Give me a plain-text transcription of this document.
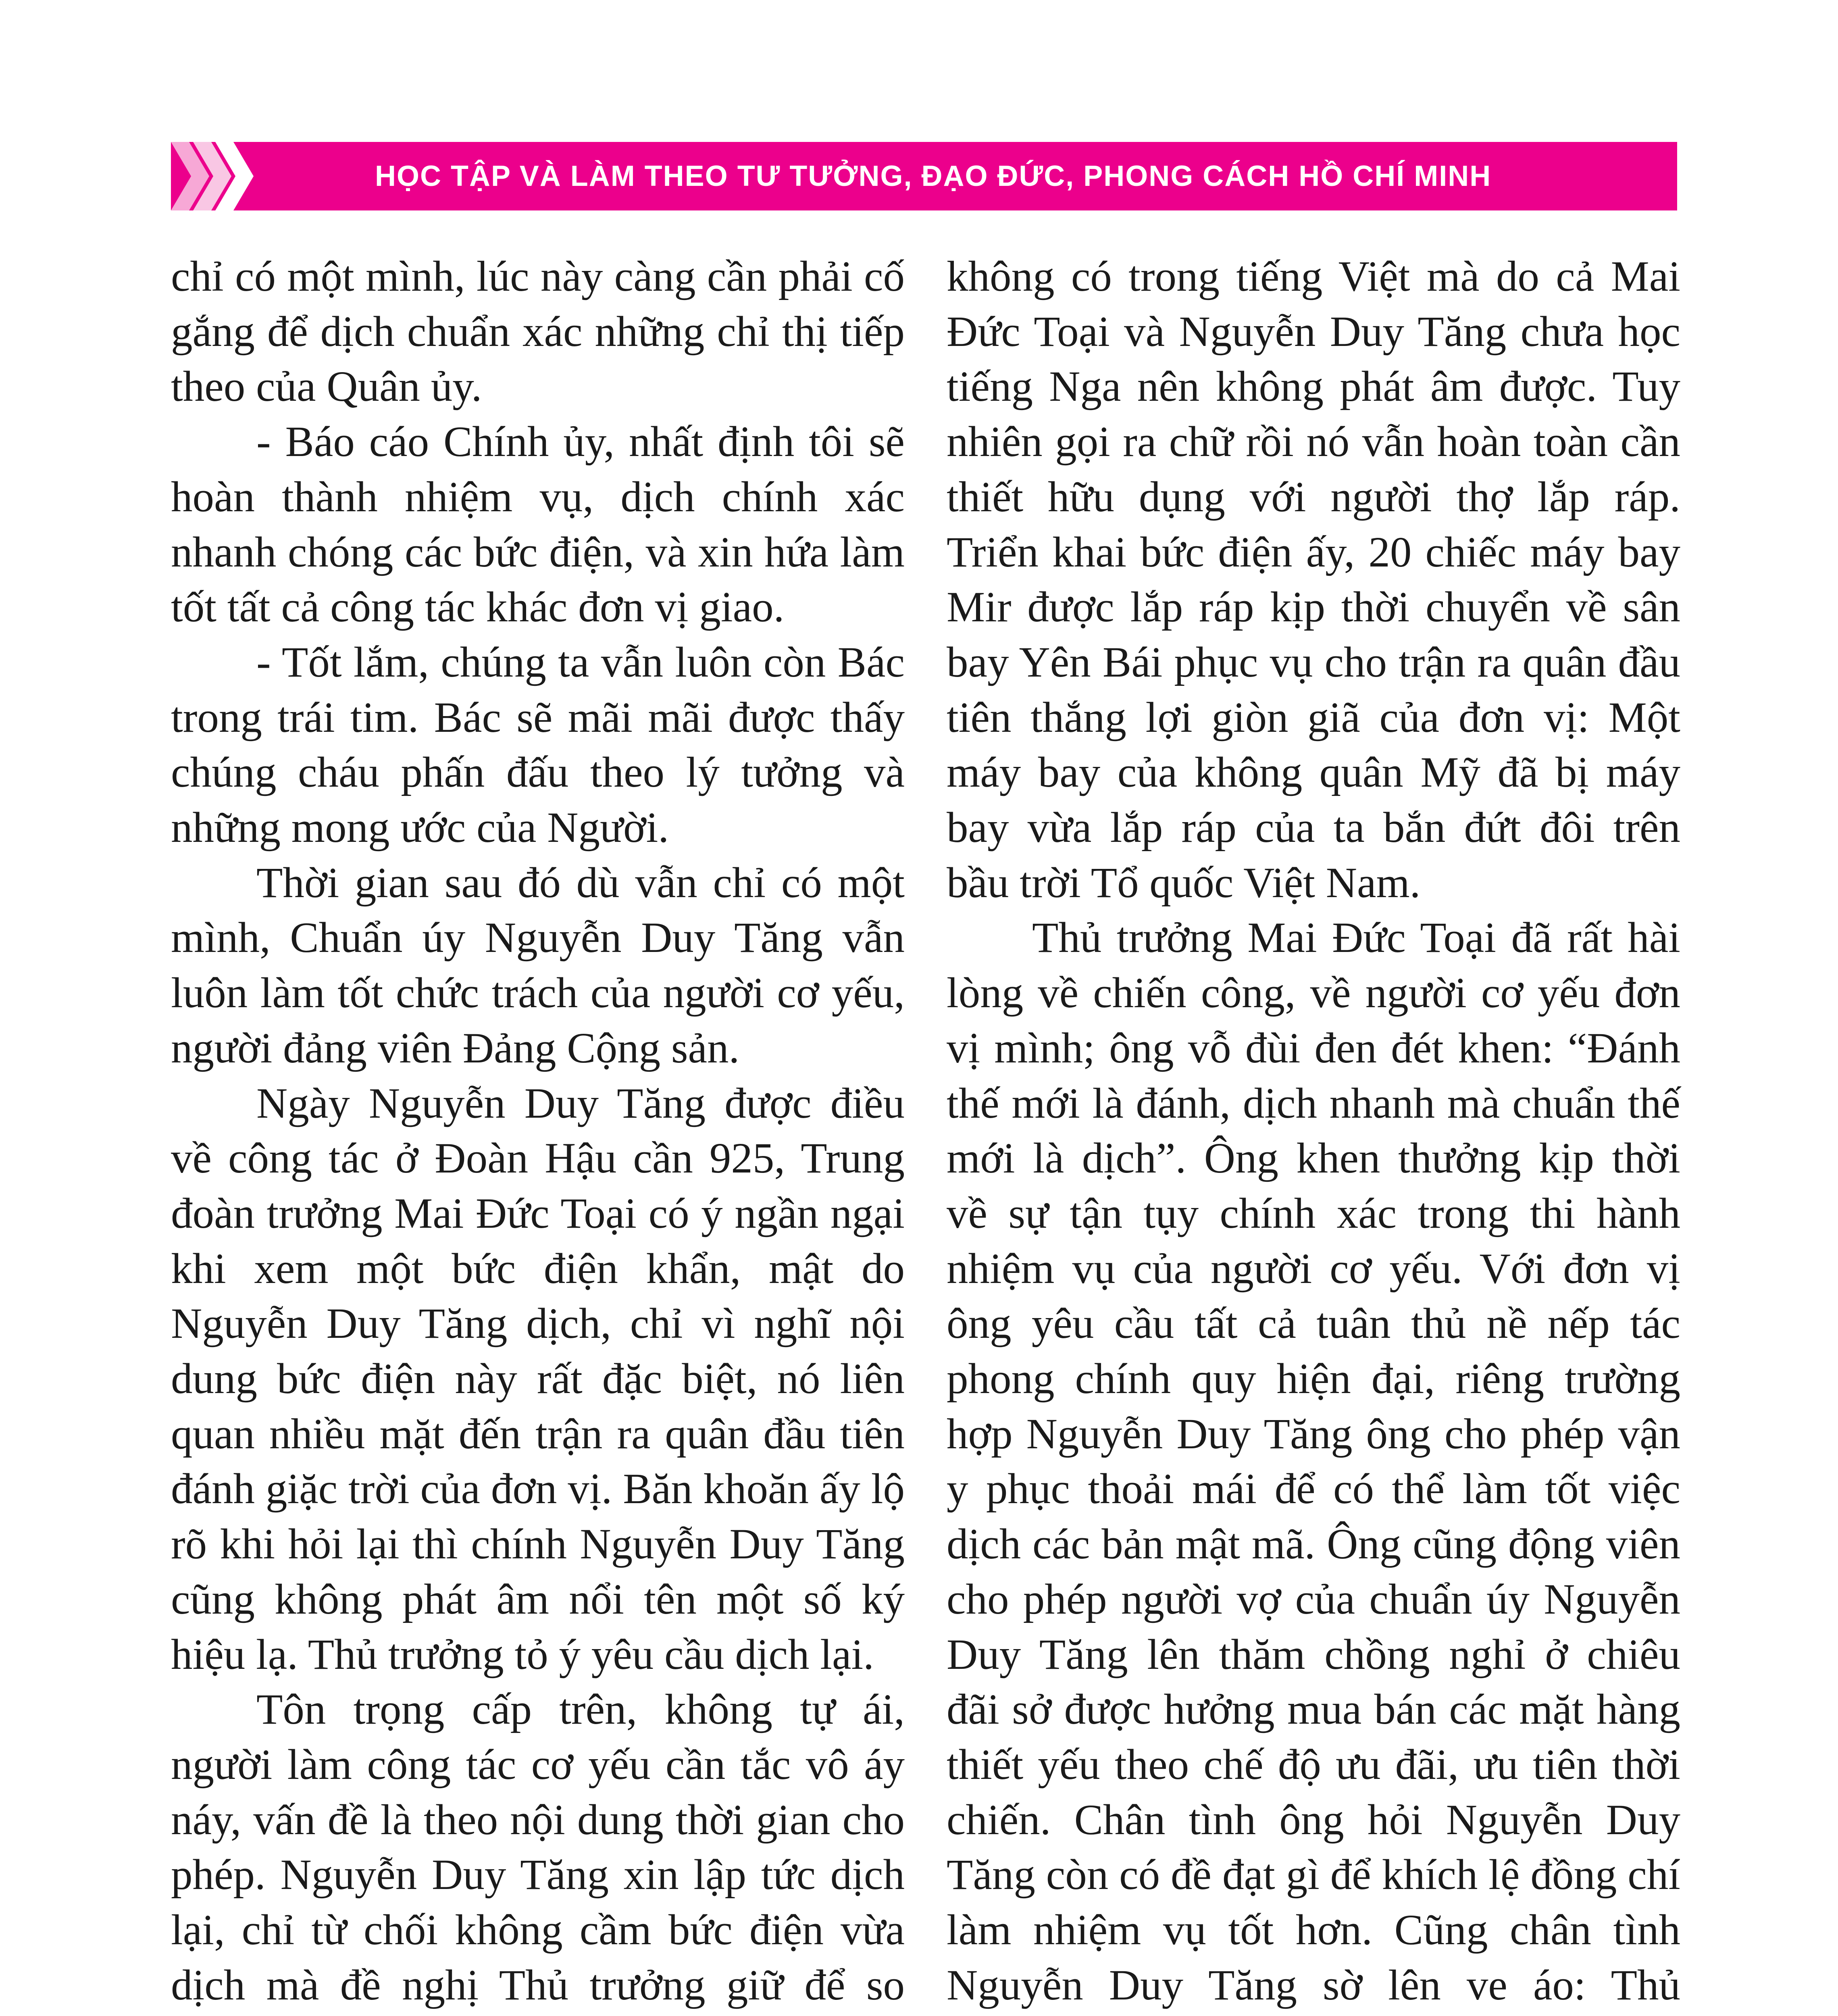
HỌC TẬP VÀ LÀM THEO TƯ TƯỞNG, ĐẠO ĐỨC, PHONG CÁCH HỒ CHÍ MINH

chỉ có một mình, lúc này càng cần phải cố gắng để dịch chuẩn xác những chỉ thị tiếp theo của Quân ủy.

- Báo cáo Chính ủy, nhất định tôi sẽ hoàn thành nhiệm vụ, dịch chính xác nhanh chóng các bức điện, và xin hứa làm tốt tất cả công tác khác đơn vị giao.

- Tốt lắm, chúng ta vẫn luôn còn Bác trong trái tim. Bác sẽ mãi mãi được thấy chúng cháu phấn đấu theo lý tưởng và những mong ước của Người.

Thời gian sau đó dù vẫn chỉ có một mình, Chuẩn úy Nguyễn Duy Tăng vẫn luôn làm tốt chức trách của người cơ yếu, người đảng viên Đảng Cộng sản.

Ngày Nguyễn Duy Tăng được điều về công tác ở Đoàn Hậu cần 925, Trung đoàn trưởng Mai Đức Toại có ý ngần ngại khi xem một bức điện khẩn, mật do Nguyễn Duy Tăng dịch, chỉ vì nghĩ nội dung bức điện này rất đặc biệt, nó liên quan nhiều mặt đến trận ra quân đầu tiên đánh giặc trời của đơn vị. Băn khoăn ấy lộ rõ khi hỏi lại thì chính Nguyễn Duy Tăng cũng không phát âm nổi tên một số ký hiệu lạ. Thủ trưởng tỏ ý yêu cầu dịch lại.

Tôn trọng cấp trên, không tự ái, người làm công tác cơ yếu cần tắc vô áy náy, vấn đề là theo nội dung thời gian cho phép. Nguyễn Duy Tăng xin lập tức dịch lại, chỉ từ chối không cầm bức điện vừa dịch mà đề nghị Thủ trưởng giữ để so

không có trong tiếng Việt mà do cả Mai Đức Toại và Nguyễn Duy Tăng chưa học tiếng Nga nên không phát âm được. Tuy nhiên gọi ra chữ rồi nó vẫn hoàn toàn cần thiết hữu dụng với người thợ lắp ráp. Triển khai bức điện ấy, 20 chiếc máy bay Mir được lắp ráp kịp thời chuyển về sân bay Yên Bái phục vụ cho trận ra quân đầu tiên thắng lợi giòn giã của đơn vị: Một máy bay của không quân Mỹ đã bị máy bay vừa lắp ráp của ta bắn đứt đôi trên bầu trời Tổ quốc Việt Nam.

Thủ trưởng Mai Đức Toại đã rất hài lòng về chiến công, về người cơ yếu đơn vị mình; ông vỗ đùi đen đét khen: “Đánh thế mới là đánh, dịch nhanh mà chuẩn thế mới là dịch”. Ông khen thưởng kịp thời về sự tận tụy chính xác trong thi hành nhiệm vụ của người cơ yếu. Với đơn vị ông yêu cầu tất cả tuân thủ nề nếp tác phong chính quy hiện đại, riêng trường hợp Nguyễn Duy Tăng ông cho phép vận y phục thoải mái để có thể làm tốt việc dịch các bản mật mã. Ông cũng động viên cho phép người vợ của chuẩn úy Nguyễn Duy Tăng lên thăm chồng nghỉ ở chiêu đãi sở được hưởng mua bán các mặt hàng thiết yếu theo chế độ ưu đãi, ưu tiên thời chiến. Chân tình ông hỏi Nguyễn Duy Tăng còn có đề đạt gì để khích lệ đồng chí làm nhiệm vụ tốt hơn. Cũng chân tình Nguyễn Duy Tăng sờ lên ve áo: Thủ
